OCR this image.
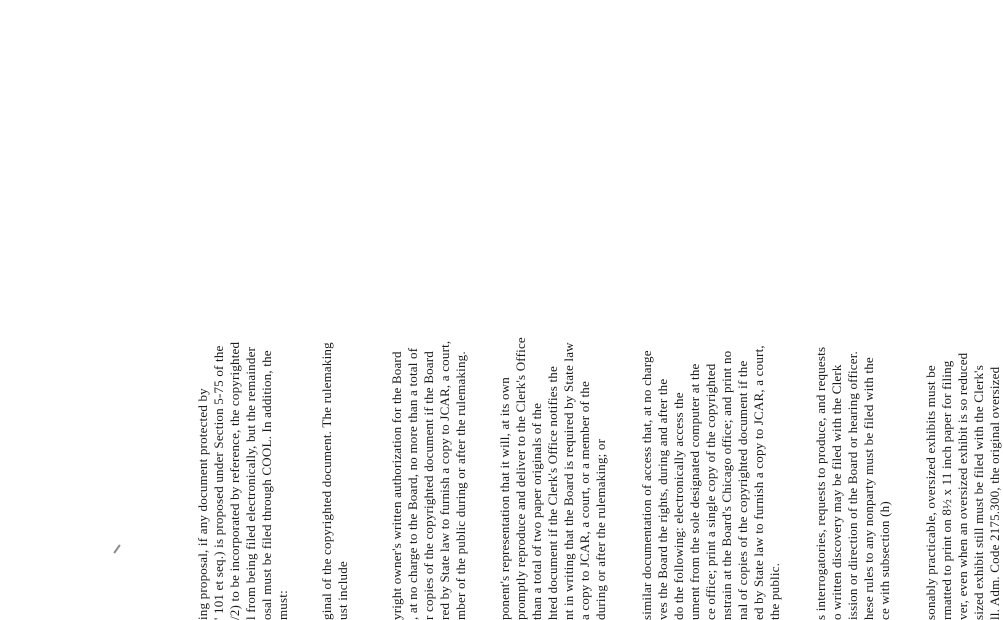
ing proposal, if any document protected by ' 101 et seq.) is proposed under Section 5-75 of the /2) to be incorporated by reference, the copyrighted l from being filed electronically, but the remainder osal must be filed through COOL. In addition, the must: ginal of the copyrighted document. The rulemaking ust include	yright owner's written authorization for the Board , at no charge to the Board, no more than a total of r copies of the copyrighted document if the Board red by State law to furnish a copy to JCAR, a court, mber of the public during or after the rulemaking. ponent's representation that it will, at its own promptly reproduce and deliver to the Clerk's Office than a total of two paper originals of the hted document if the Clerk's Office notifies the nt in writing that the Board is required by State law a copy to JCAR, a court, or a member of the during or after the rulemaking; or similar documentation of access that, at no charge ves the Board the rights, during and after the do the following: electronically access the ument from the sole designated computer at the ce office; print a single copy of the copyrighted nstrain at the Board's Chicago office; and print no nal of copies of the copyrighted document if the ed by State law to furnish a copy to JCAR, a court, the public. s interrogatories, requests to produce, and requests o written discovery may be filed with the Clerk ission or direction of the Board or hearing officer. hese rules to any nonparty must be filed with the ce with subsection (h) sonably practicable, oversized exhibits must be rmatted to print on 8½ x 11 inch paper for filing ver, even when an oversized exhibit is so reduced sized exhibit still must be filed with the Clerk's ll. Adm. Code 2175.300, the original oversized
